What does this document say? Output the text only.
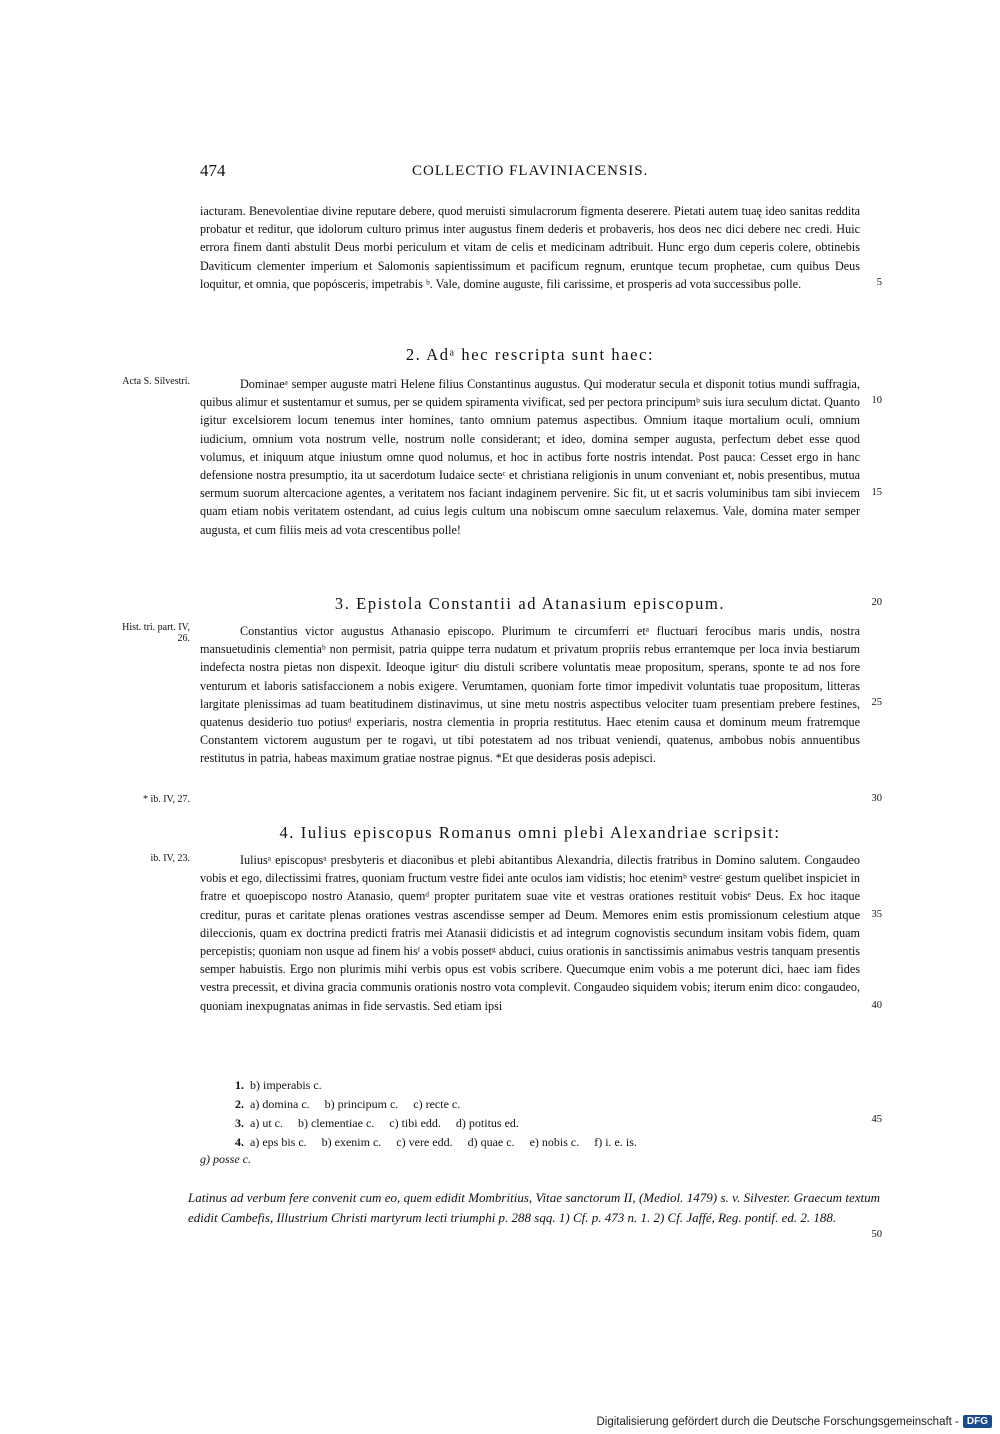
474	COLLECTIO FLAVINIACENSIS.
iacturam. Benevolentiae divine reputare debere, quod meruisti simulacrorum figmenta deserere. Pietati autem tuaę ideo sanitas reddita probatur et reditur, que idolorum culturo primus inter augustus finem dederis et probaveris, hos deos nec dici debere nec credi. Huic errora finem danti abstulit Deus morbi periculum et vitam de celis et medicinam adtribuit. Hunc ergo dum ceperis colere, obtinebis Daviticum clementer imperium et Salomonis sapientissimum et pacificum regnum, eruntque tecum prophetae, cum quibus Deus loquitur, et omnia, que popósceris, impetrabis ᵇ. Vale, domine auguste, fili carissime, et prosperis ad vota successibus polle.
2. Adᵃ hec rescripta sunt haec:
Acta S. Silvestri.	Dominaeᵃ semper auguste matri Helene filius Constantinus augustus. Qui moderatur secula et disponit totius mundi suffragia, quibus alimur et sustentamur et sumus, per se quidem spiramenta vivificat, sed per pectora principumᵇ suis iura seculum dictat. Quanto igitur excelsiorem locum tenemus inter homines, tanto omnium patemus aspectibus. Omnium itaque mortalium oculi, omnium iudicium, omnium vota nostrum velle, nostrum nolle considerant; et ideo, domina semper augusta, perfectum debet esse quod volumus, et iniquum atque iniustum omne quod nolumus, et hoc in actibus forte nostris intendat. Post pauca: Cesset ergo in hanc defensione nostra presumptio, ita ut sacerdotum Iudaice secteᶜ et christiana religionis in unum conveniant et, nobis presentibus, mutua sermum suorum altercacione agentes, a veritatem nos faciant indaginem pervenire. Sic fit, ut et sacris voluminibus tam sibi inviecem quam etiam nobis veritatem ostendant, ad cuius legis cultum una nobiscum omne saeculum relaxemus. Vale, domina mater semper augusta, et cum filiis meis ad vota crescentibus polle!
3. Epistola Constantii ad Atanasium episcopum.
Hist. tri. part. IV, 26.
* ib. IV, 27.
Constantius victor augustus Athanasio episcopo. Plurimum te circumferri etᵃ fluctuari ferocibus maris undis, nostra mansuetudinis clementiaᵇ non permisit, patria quippe terra nudatum et privatum propriis rebus errantemque per loca invia bestiarum indefecta nostra pietas non dispexit. Ideoque igiturᶜ diu distuli scribere voluntatis meae propositum, sperans, sponte te ad nos fore venturum et laboris satisfaccionem a nobis exigere. Verumtamen, quoniam forte timor impedivit voluntatis tuae propositum, litteras largitate plenissimas ad tuam beatitudinem distinavimus, ut sine metu nostris aspectibus velociter tuam presentiam prebere festines, quatenus desiderio tuo potiusᵈ experiaris, nostra clementia in propria restitutus. Haec etenim causa et dominum meum fratremque Constantem victorem augustum per te rogavi, ut tibi potestatem ad nos tribuat veniendi, quatenus, ambobus nobis annuentibus restitutus in patria, habeas maximum gratiae nostrae pignus. *Et que desideras posis adepisci.
4. Iulius episcopus Romanus omni plebi Alexandriae scripsit:
ib. IV, 23.	Iuliusᵃ episcopusᵃ presbyteris et diaconibus et plebi abitantibus Alexandria, dilectis fratribus in Domino salutem. Congaudeo vobis et ego, dilectissimi fratres, quoniam fructum vestre fidei ante oculos iam vidistis; hoc etenimᵇ vestreᶜ gestum quelibet inspiciet in fratre et quoepiscopo nostro Atanasio, quemᵈ propter puritatem suae vite et vestras orationes restituit vobisᵉ Deus. Ex hoc itaque creditur, puras et caritate plenas orationes vestras ascendisse semper ad Deum. Memores enim estis promissionum celestium atque dileccionis, quam ex doctrina predicti fratris mei Atanasii didicistis et ad integrum cognovistis secundum insitam vobis fidem, quam percepistis; quoniam non usque ad finem hisᶠ a vobis possetᵍ abduci, cuius orationis in sanctissimis animabus vestris tanquam presentis semper habuistis. Ergo non plurimis mihi verbis opus est vobis scribere. Quecumque enim vobis a me poterunt dici, haec iam fides vestra precessit, et divina gracia communis orationis nostro vota complevit. Congaudeo siquidem vobis; iterum enim dico: congaudeo, quoniam inexpugnatas animas in fide servastis. Sed etiam ipsi
5
10
15
20
25
30
35
40
45
50
1. b) imperabis c.
2. a) domina c.     b) principum c.     c) recte c.
3. a) ut c.     b) clementiae c.     c) tibi edd.     d) potitus ed.
4. a) eps bis c.     b) exenim c.     c) vere edd.     d) quae c.     e) nobis c.     f) i. e. is.
g) posse c.
Latinus ad verbum fere convenit cum eo, quem edidit Mombritius, Vitae sanctorum II, (Mediol. 1479) s. v. Silvester. Graecum textum edidit Cambefis, Illustrium Christi martyrum lecti triumphi p. 288 sqq. 1) Cf. p. 473 n. 1. 2) Cf. Jaffé, Reg. pontif. ed. 2. 188.
Digitalisierung gefördert durch die Deutsche Forschungsgemeinschaft - DFG
